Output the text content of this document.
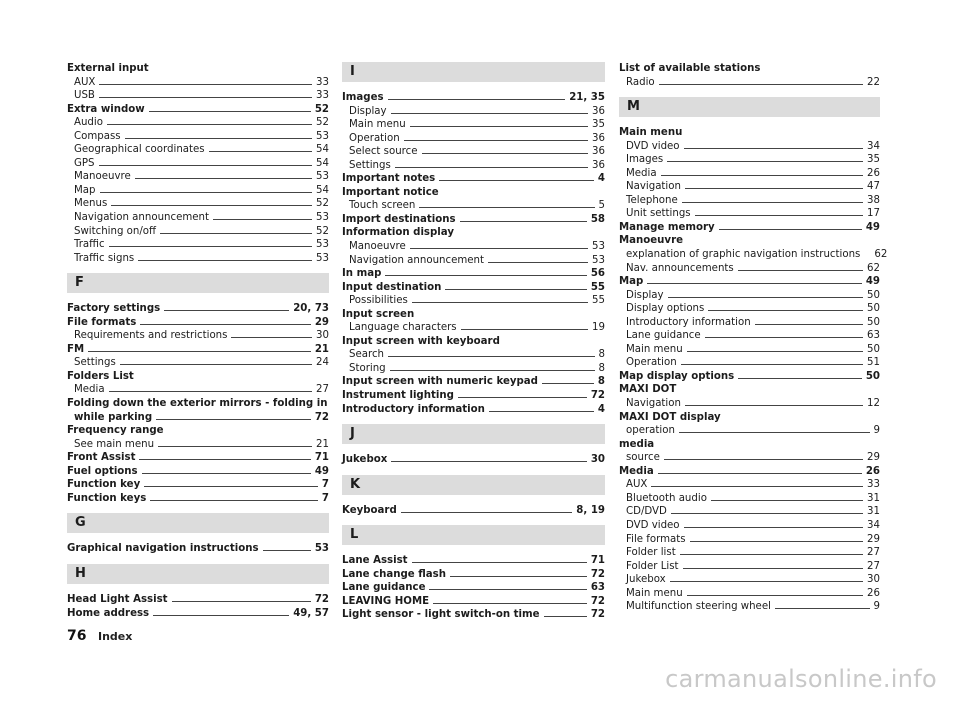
External input
AUX	33
USB	33
Extra window	52
Audio	52
Compass	53
Geographical coordinates	54
GPS	54
Manoeuvre	53
Map	54
Menus	52
Navigation announcement	53
Switching on/off	52
Traffic	53
Traffic signs	53
F
Factory settings	20, 73
File formats	29
Requirements and restrictions	30
FM	21
Settings	24
Folders List
Media	27
Folding down the exterior mirrors - folding in
while parking	72
Frequency range
See main menu	21
Front Assist	71
Fuel options	49
Function key	7
Function keys	7
G
Graphical navigation instructions	53
H
Head Light Assist	72
Home address	49, 57
I
Images	21, 35
Display	36
Main menu	35
Operation	36
Select source	36
Settings	36
Important notes	4
Important notice
Touch screen	5
Import destinations	58
Information display
Manoeuvre	53
Navigation announcement	53
In map	56
Input destination	55
Possibilities	55
Input screen
Language characters	19
Input screen with keyboard
Search	8
Storing	8
Input screen with numeric keypad	8
Instrument lighting	72
Introductory information	4
J
Jukebox	30
K
Keyboard	8, 19
L
Lane Assist	71
Lane change flash	72
Lane guidance	63
LEAVING HOME	72
Light sensor - light switch-on time	72
List of available stations
Radio	22
M
Main menu
DVD video	34
Images	35
Media	26
Navigation	47
Telephone	38
Unit settings	17
Manage memory	49
Manoeuvre
explanation of graphic navigation instructions	62
Nav. announcements	62
Map	49
Display	50
Display options	50
Introductory information	50
Lane guidance	63
Main menu	50
Operation	51
Map display options	50
MAXI DOT
Navigation	12
MAXI DOT display
operation	9
media
source	29
Media	26
AUX	33
Bluetooth audio	31
CD/DVD	31
DVD video	34
File formats	29
Folder list	27
Folder List	27
Jukebox	30
Main menu	26
Multifunction steering wheel	9
76 Index
carmanualsonline.info
